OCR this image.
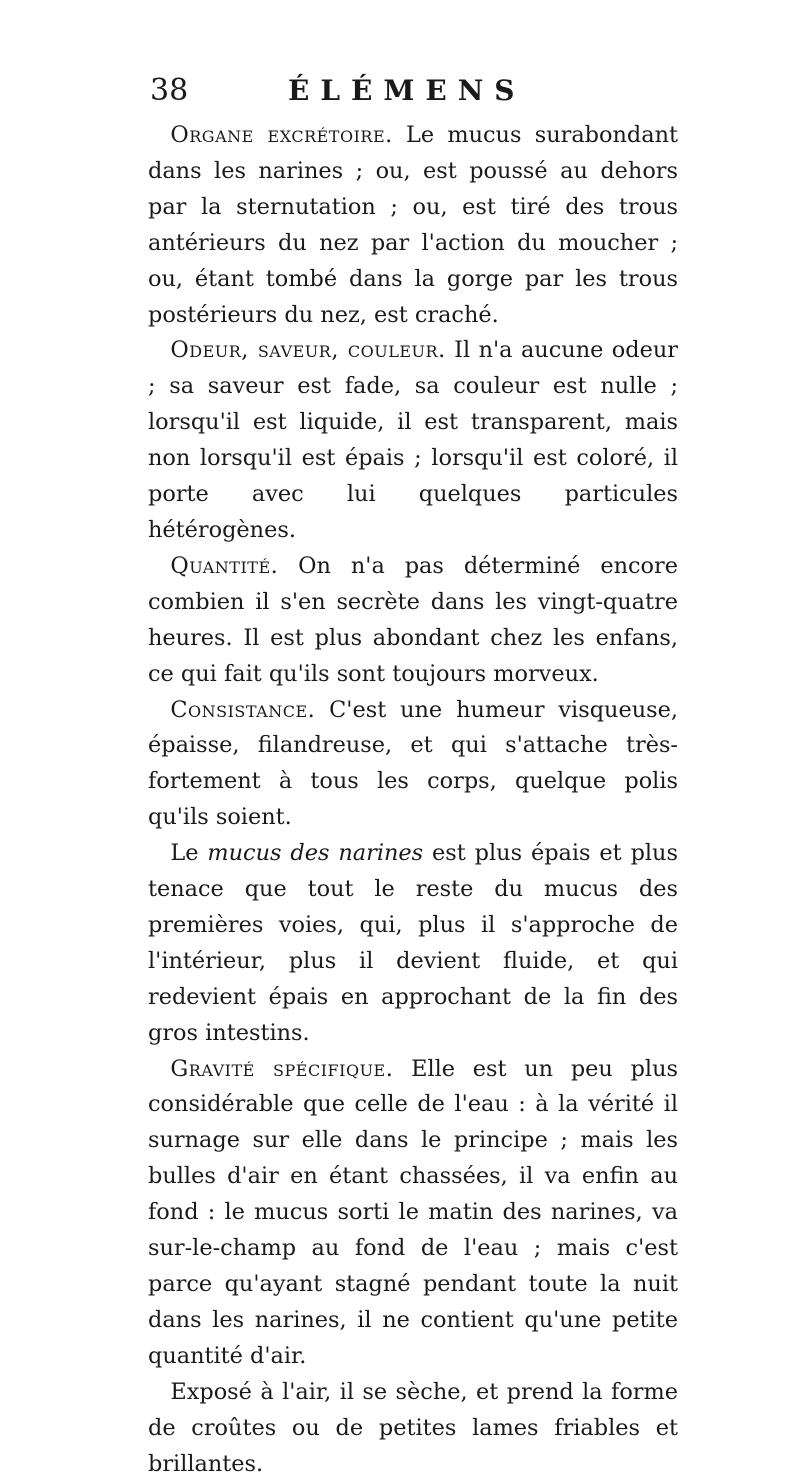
38	ÉLÉMENS

Organe excrétoire. Le mucus surabondant dans les narines ; ou, est poussé au dehors par la sternutation ; ou, est tiré des trous antérieurs du nez par l'action du moucher ; ou, étant tombé dans la gorge par les trous postérieurs du nez, est craché.

Odeur, saveur, couleur. Il n'a aucune odeur ; sa saveur est fade, sa couleur est nulle ; lorsqu'il est liquide, il est transparent, mais non lorsqu'il est épais ; lorsqu'il est coloré, il porte avec lui quelques particules hétérogènes.

Quantité. On n'a pas déterminé encore combien il s'en secrète dans les vingt-quatre heures. Il est plus abondant chez les enfans, ce qui fait qu'ils sont toujours morveux.

Consistance. C'est une humeur visqueuse, épaisse, filandreuse, et qui s'attache très-fortement à tous les corps, quelque polis qu'ils soient.

Le mucus des narines est plus épais et plus tenace que tout le reste du mucus des premières voies, qui, plus il s'approche de l'intérieur, plus il devient fluide, et qui redevient épais en approchant de la fin des gros intestins.

Gravité spécifique. Elle est un peu plus considérable que celle de l'eau : à la vérité il surnage sur elle dans le principe ; mais les bulles d'air en étant chassées, il va enfin au fond : le mucus sorti le matin des narines, va sur-le-champ au fond de l'eau ; mais c'est parce qu'ayant stagné pendant toute la nuit dans les narines, il ne contient qu'une petite quantité d'air.

Exposé à l'air, il se sèche, et prend la forme de croûtes ou de petites lames friables et brillantes.
